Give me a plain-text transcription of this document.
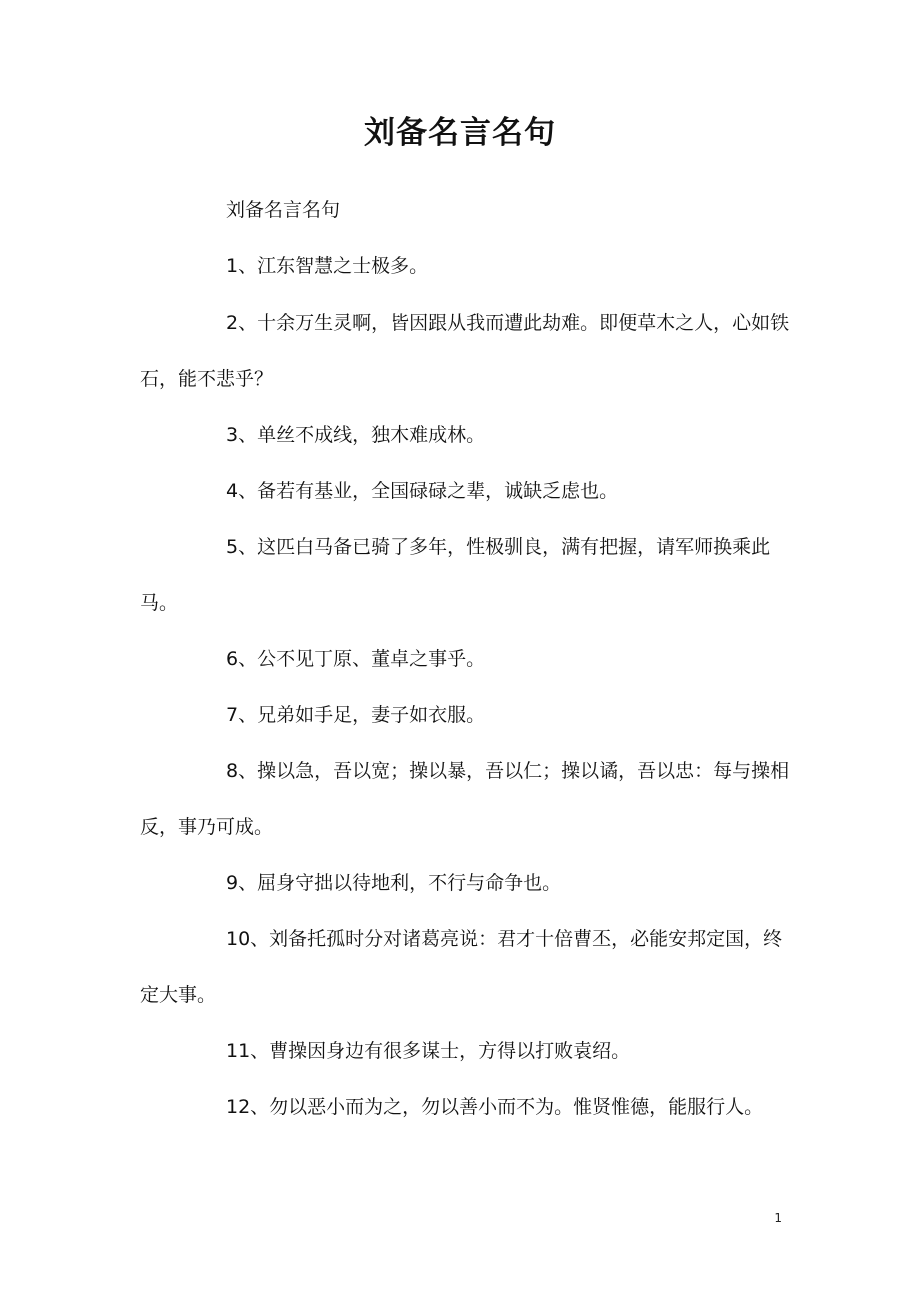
刘备名言名句
刘备名言名句
1、江东智慧之士极多。
2、十余万生灵啊，皆因跟从我而遭此劫难。即便草木之人，心如铁石，能不悲乎？
3、单丝不成线，独木难成林。
4、备若有基业，全国碌碌之辈，诚缺乏虑也。
5、这匹白马备已骑了多年，性极驯良，满有把握，请军师换乘此马。
6、公不见丁原、董卓之事乎。
7、兄弟如手足，妻子如衣服。
8、操以急，吾以宽；操以暴，吾以仁；操以谲，吾以忠：每与操相反，事乃可成。
9、屈身守拙以待地利，不行与命争也。
10、刘备托孤时分对诸葛亮说：君才十倍曹丕，必能安邦定国，终定大事。
11、曹操因身边有很多谋士，方得以打败袁绍。
12、勿以恶小而为之，勿以善小而不为。惟贤惟德，能服行人。
1
